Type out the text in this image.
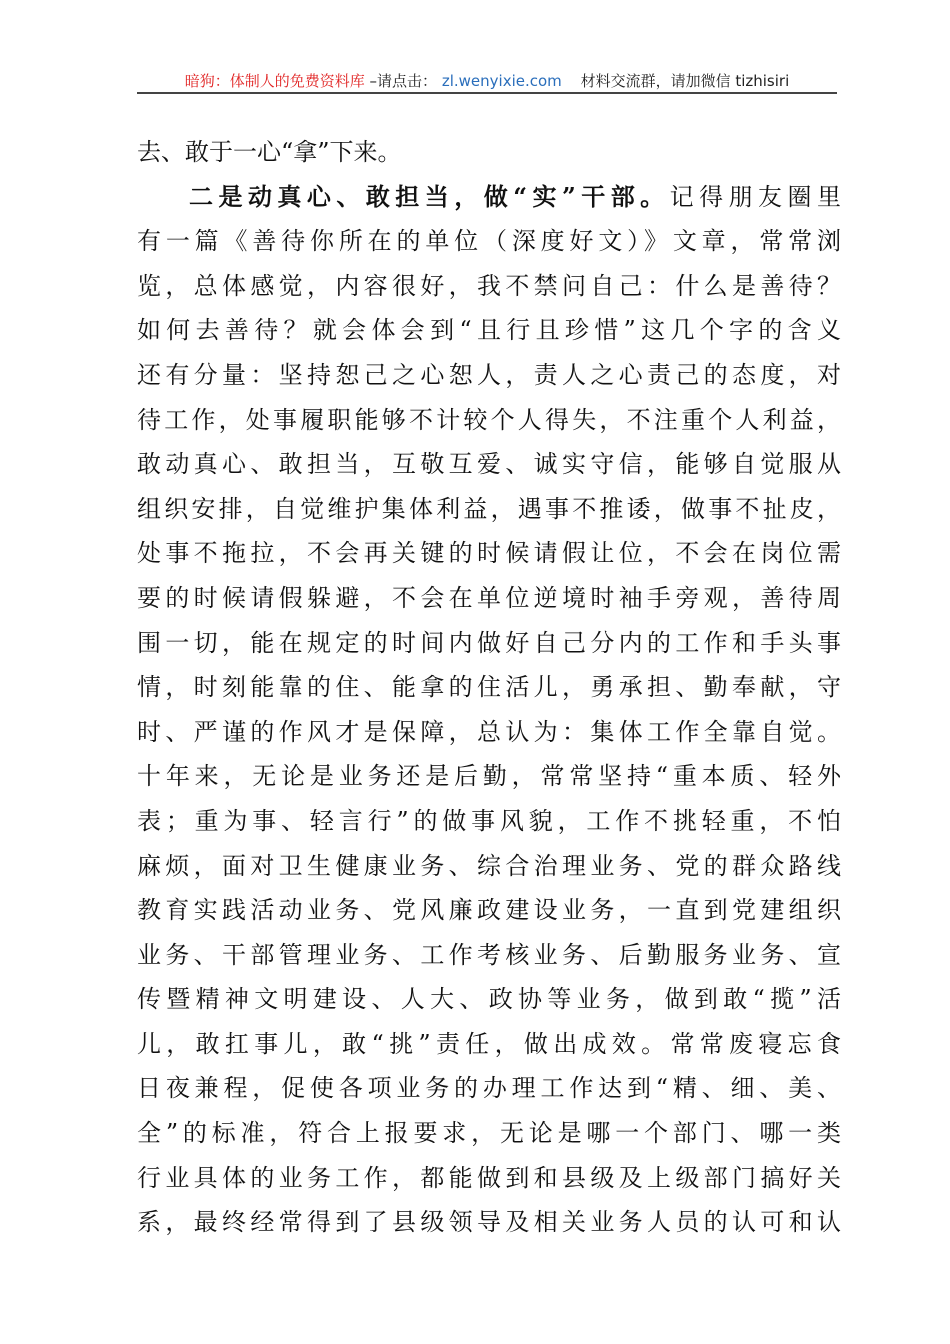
暗狗：体制人的免费资料库 –请点击： zl.wenyixie.com 材料交流群，请加微信 tizhisiri
去、敢于一心“拿”下来。
二是动真心、敢担当，做“实”干部。记得朋友圈里
有一篇《善待你所在的单位（深度好文）》文章，常常浏
览，总体感觉，内容很好，我不禁问自己：什么是善待？
如何去善待？就会体会到“且行且珍惜”这几个字的含义
还有分量：坚持恕己之心恕人，责人之心责己的态度，对
待工作，处事履职能够不计较个人得失，不注重个人利益，
敢动真心、敢担当，互敬互爱、诚实守信，能够自觉服从
组织安排，自觉维护集体利益，遇事不推诿，做事不扯皮，
处事不拖拉，不会再关键的时候请假让位，不会在岗位需
要的时候请假躲避，不会在单位逆境时袖手旁观，善待周
围一切，能在规定的时间内做好自己分内的工作和手头事
情，时刻能靠的住、能拿的住活儿，勇承担、勤奉献，守
时、严谨的作风才是保障，总认为：集体工作全靠自觉。
十年来，无论是业务还是后勤，常常坚持“重本质、轻外
表；重为事、轻言行”的做事风貌，工作不挑轻重，不怕
麻烦，面对卫生健康业务、综合治理业务、党的群众路线
教育实践活动业务、党风廉政建设业务，一直到党建组织
业务、干部管理业务、工作考核业务、后勤服务业务、宣
传暨精神文明建设、人大、政协等业务，做到敢“揽”活
儿，敢扛事儿，敢“挑”责任，做出成效。常常废寝忘食
日夜兼程，促使各项业务的办理工作达到“精、细、美、
全”的标准，符合上报要求，无论是哪一个部门、哪一类
行业具体的业务工作，都能做到和县级及上级部门搞好关
系，最终经常得到了县级领导及相关业务人员的认可和认
